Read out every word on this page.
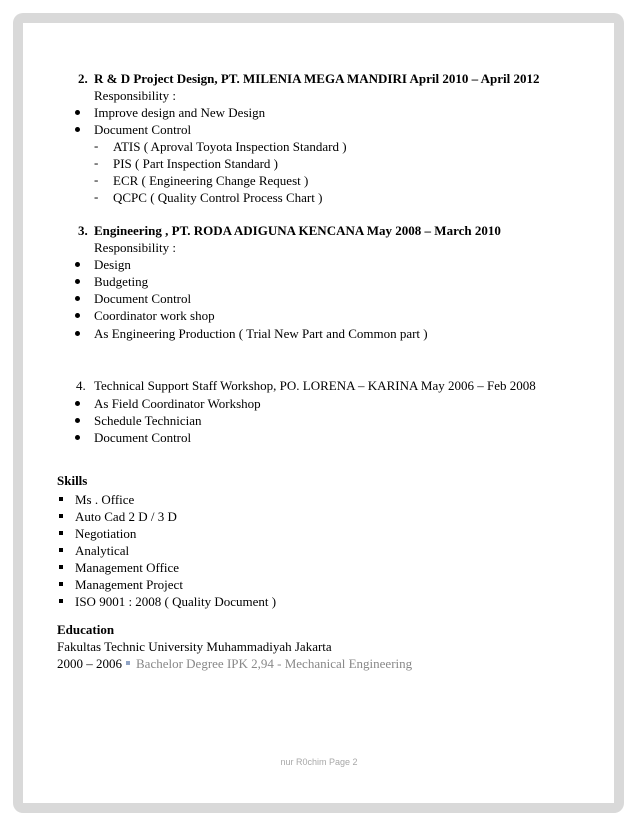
2. R & D Project Design, PT. MILENIA MEGA MANDIRI April 2010 – April 2012
Responsibility :
Improve design and New Design
Document Control
- ATIS ( Aproval Toyota Inspection Standard )
- PIS ( Part Inspection Standard )
- ECR ( Engineering Change Request )
- QCPC ( Quality Control Process Chart )
3. Engineering , PT. RODA ADIGUNA KENCANA May 2008 – March 2010
Responsibility :
Design
Budgeting
Document Control
Coordinator work shop
As Engineering Production ( Trial New Part and Common part )
4. Technical Support Staff Workshop, PO. LORENA – KARINA May 2006 – Feb 2008
As Field Coordinator Workshop
Schedule Technician
Document Control
Skills
Ms . Office
Auto Cad 2 D / 3 D
Negotiation
Analytical
Management Office
Management Project
ISO 9001 : 2008 ( Quality Document )
Education
Fakultas Technic University Muhammadiyah Jakarta
2000 – 2006 Bachelor Degree IPK 2,94 - Mechanical Engineering
nur R0chim Page 2
